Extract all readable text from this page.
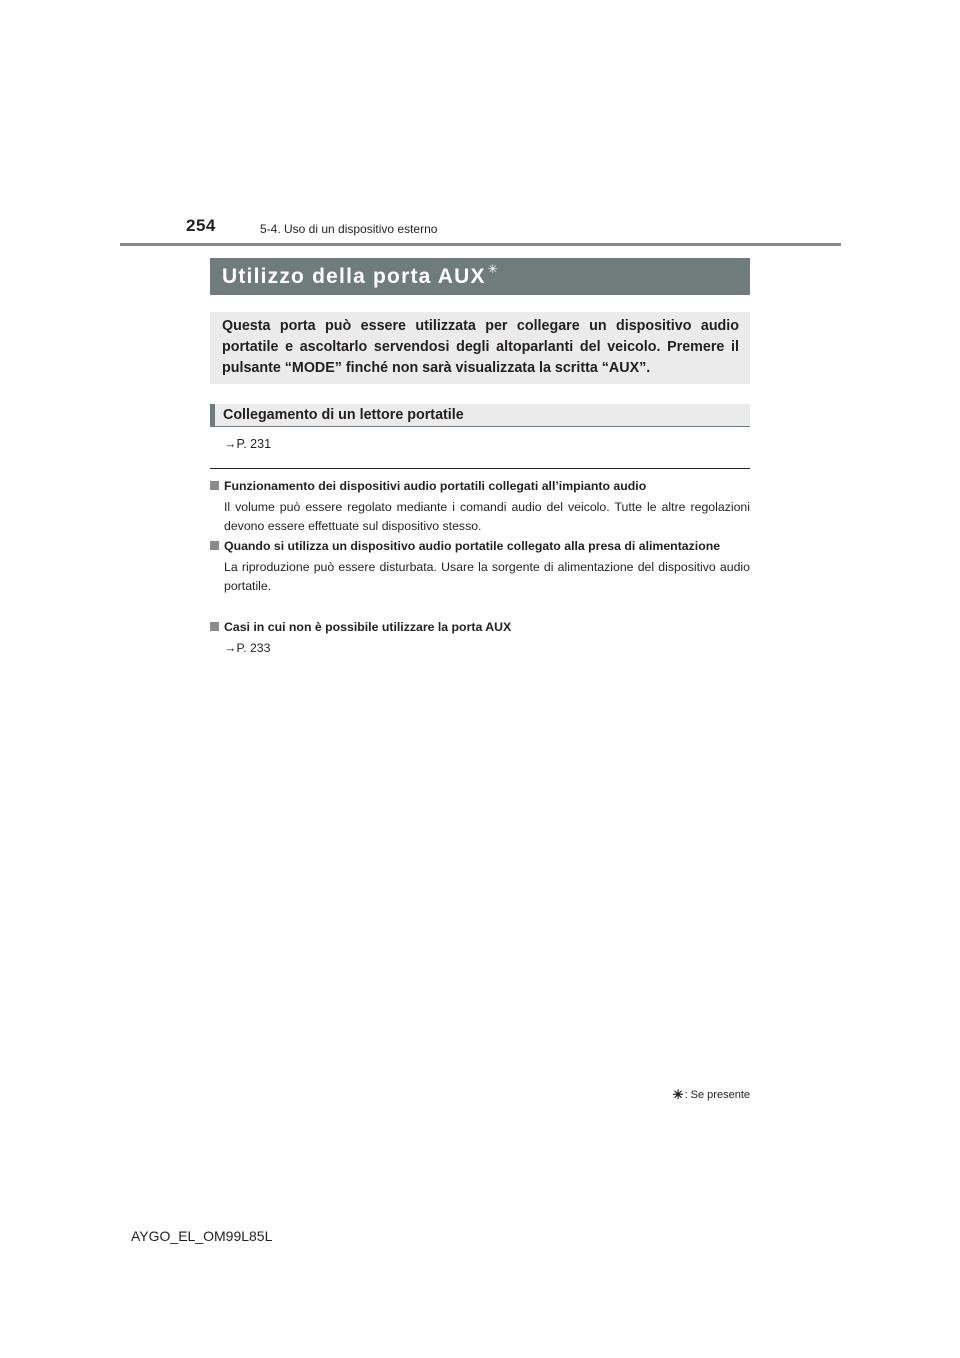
254	5-4. Uso di un dispositivo esterno
Utilizzo della porta AUX ✳

Questa porta può essere utilizzata per collegare un dispositivo audio portatile e ascoltarlo servendosi degli altoparlanti del veicolo. Premere il pulsante “MODE” finché non sarà visualizzata la scritta “AUX”.

Collegamento di un lettore portatile
→P. 231
Funzionamento dei dispositivi audio portatili collegati all’impianto audio
Il volume può essere regolato mediante i comandi audio del veicolo. Tutte le altre regolazioni devono essere effettuate sul dispositivo stesso.
Quando si utilizza un dispositivo audio portatile collegato alla presa di alimentazione
La riproduzione può essere disturbata. Usare la sorgente di alimentazione del dispositivo audio portatile.
Casi in cui non è possibile utilizzare la porta AUX
→P. 233
✳ : Se presente
AYGO_EL_OM99L85L
